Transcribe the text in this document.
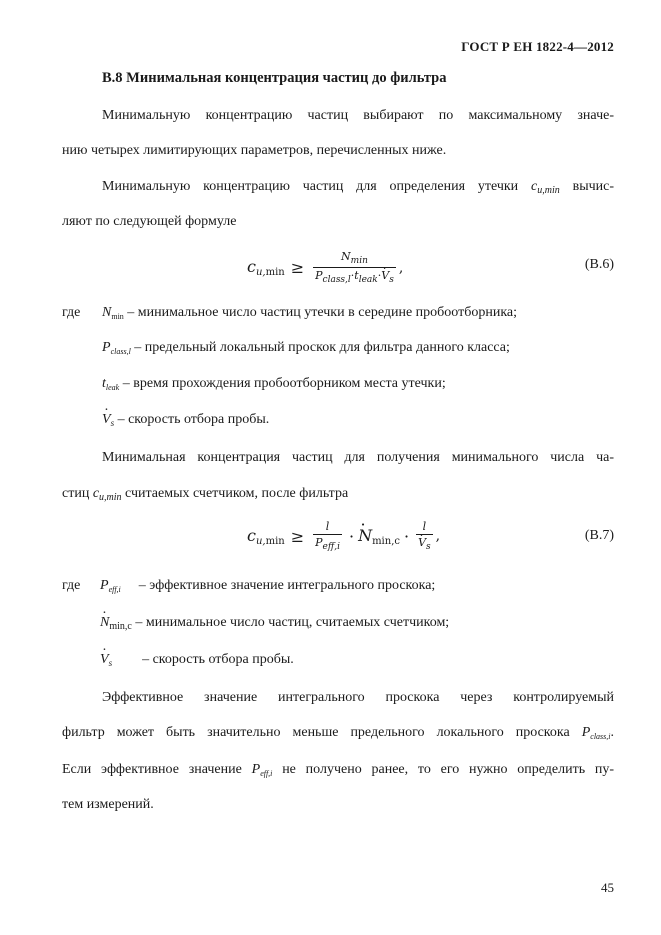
ГОСТ Р ЕН 1822-4—2012
В.8 Минимальная концентрация частиц до фильтра
Минимальную концентрацию частиц выбирают по максимальному значе-
нию четырех лимитирующих параметров, перечисленных ниже.
Минимальную концентрацию частиц для определения утечки $c_{u,min}$ вычис-
ляют по следующей формуле
$cu,\min \ge \frac{N_{min}}{P_{class,l}\cdot t_{leak}\cdot\cdot V_s}$ ,	(В.6)
где $N_{min}$ – минимальное число частиц утечки в середине пробоотборника;
$P_{class,l}$ – предельный локальный проскок для фильтра данного класса;
$t_{leak}$ – время прохождения пробоотборником места утечки;
· $V_s$ – скорость отбора пробы.
Минимальная концентрация частиц для получения минимального числа ча-
стиц $c_{u,min}$ считаемых счетчиком, после фильтра
$cu,\min \ge \frac{l}{P_{eff,i}}$ ·
· $N_{min,c} \cdot l$
· $V_s$ ,	(В.7)
где $P_{eff,i}$ – эффективное значение интегрального проскока;
· $N_{min,c}$ – минимальное число частиц, считаемых счетчиком;
· $V_s$ – скорость отбора пробы.
Эффективное значение интегрального проскока через контролируемый
фильтр может быть значительно меньше предельного локального проскока $P_{class,i}$.
Если эффективное значение $P_{eff,i}$ не получено ранее, то его нужно определить пу-
тем измерений.
45
